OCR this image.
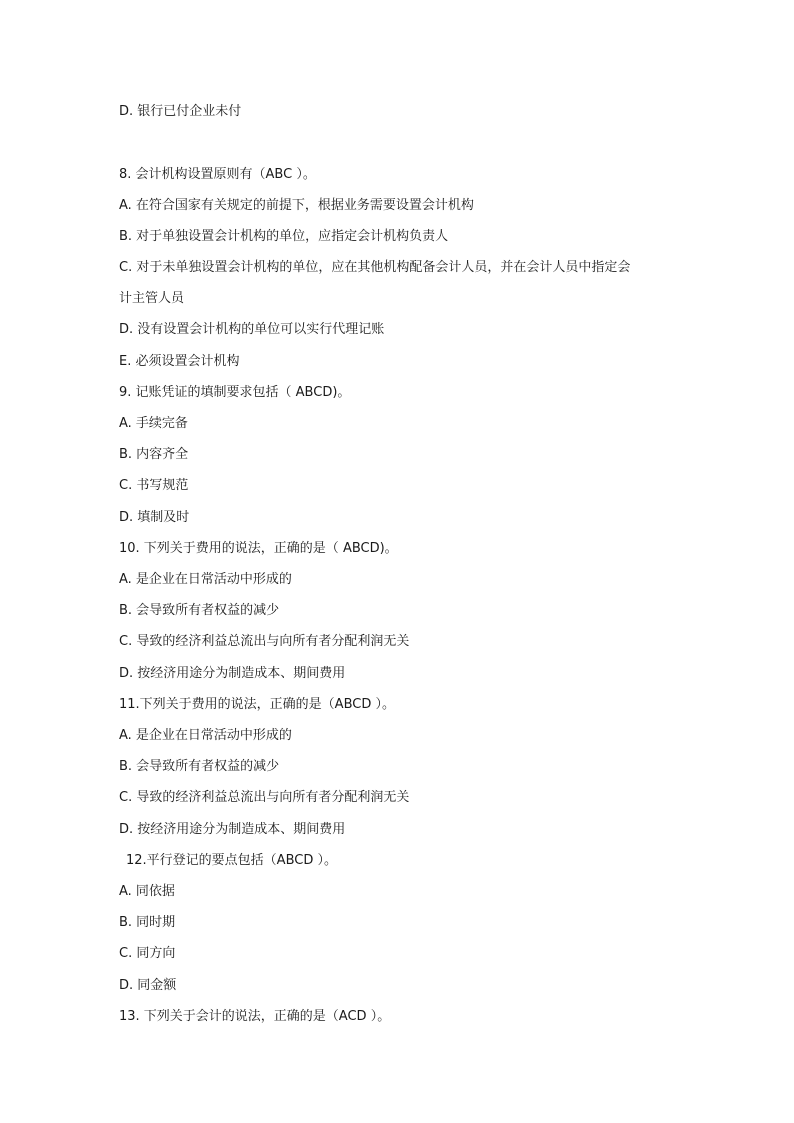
D. 银行已付企业未付
8. 会计机构设置原则有（ABC ）。
A. 在符合国家有关规定的前提下，根据业务需要设置会计机构
B. 对于单独设置会计机构的单位，应指定会计机构负责人
C. 对于未单独设置会计机构的单位，应在其他机构配备会计人员，并在会计人员中指定会
计主管人员
D. 没有设置会计机构的单位可以实行代理记账
E. 必须设置会计机构
9. 记账凭证的填制要求包括（ ABCD)。
A. 手续完备
B. 内容齐全
C. 书写规范
D. 填制及时
10. 下列关于费用的说法，正确的是（ ABCD)。
A. 是企业在日常活动中形成的
B. 会导致所有者权益的减少
C. 导致的经济利益总流出与向所有者分配利润无关
D. 按经济用途分为制造成本、期间费用
11.下列关于费用的说法，正确的是（ABCD ）。
A. 是企业在日常活动中形成的
B. 会导致所有者权益的减少
C. 导致的经济利益总流出与向所有者分配利润无关
D. 按经济用途分为制造成本、期间费用
12.平行登记的要点包括（ABCD ）。
A. 同依据
B. 同时期
C. 同方向
D. 同金额
13. 下列关于会计的说法，正确的是（ACD ）。
